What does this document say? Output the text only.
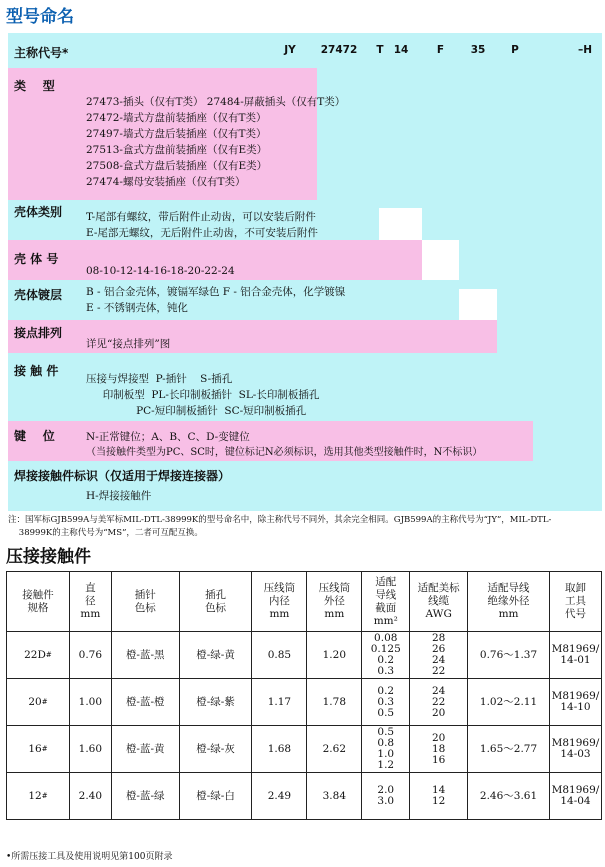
型号命名
主称代号*	JY	27472	T 14	F	35	P	–H
类    型
27473-插头（仅有T类） 27484-屏蔽插头（仅有T类）
27472-墙式方盘前装插座（仅有T类）
27497-墙式方盘后装插座（仅有T类）
27513-盒式方盘前装插座（仅有E类）
27508-盒式方盘后装插座（仅有E类）
27474-螺母安装插座（仅有T类）
壳体类别 T-尾部有螺纹，带后附件止动齿，可以安装后附件
E-尾部无螺纹，无后附件止动齿，不可安装后附件
壳 体 号
08-10-12-14-16-18-20-22-24
壳体镀层 B - 铝合金壳体，镀镉军绿色 F - 铝合金壳体，化学镀镍
E - 不锈钢壳体，钝化
接点排列
详见“接点排列”图
接 触 件
压接与焊接型  P-插针    S-插孔
印制板型  PL-长印制板插针  SL-长印制板插孔
PC-短印制板插针  SC-短印制板插孔
键    位	N-正常键位；A、B、C、D-变键位
（当接触件类型为PC、SC时，键位标记N必须标识，选用其他类型接触件时，N不标识）
焊接接触件标识（仅适用于焊接连接器）
H-焊接接触件
注：国军标GJB599A与美军标MIL-DTL-38999K的型号命名中，除主称代号不同外，其余完全相同。GJB599A的主称代号为“JY”，MIL-DTL-
38999K的主称代号为“MS”，二者可互配互换。
压接接触件
接触件
规格	直
径
mm	插针
色标	插孔
色标	压线筒
内径
mm	压线筒
外径
mm	适配
导线
截面
mm²	适配美标
线缆
AWG	适配导线
绝缘外径
mm	取卸
工具
代号
22D#	0.76	橙-蓝-黑	橙-绿-黄	0.85	1.20	0.08
0.125
0.2
0.3	28
26
24
22	0.76～1.37	M81969/
14-01
20#	1.00	橙-蓝-橙	橙-绿-紫	1.17	1.78	0.2
0.3
0.5	24
22
20	1.02～2.11	M81969/
14-10
16#	1.60	橙-蓝-黄	橙-绿-灰	1.68	2.62	0.5
0.8
1.0
1.2	20
18
16	1.65～2.77	M81969/
14-03
12#	2.40	橙-蓝-绿	橙-绿-白	2.49	3.84	2.0
3.0	14
12	2.46～3.61	M81969/
14-04
•所需压接工具及使用说明见第100页附录
